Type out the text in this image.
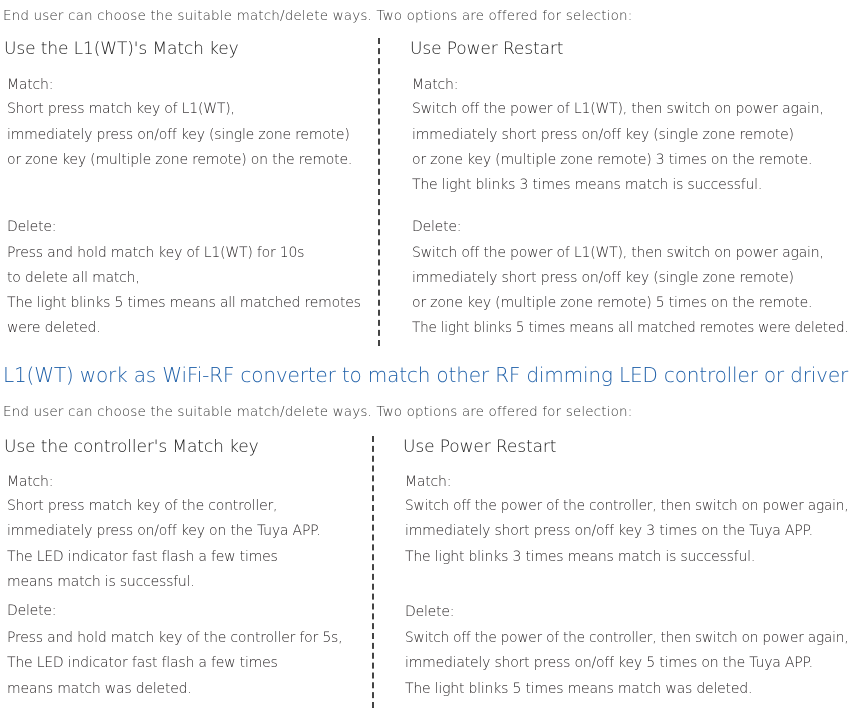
End user can choose the suitable match/delete ways. Two options are offered for selection:
Use the L1(WT)'s Match key
Match:
Short press match key of L1(WT),
immediately press on/off key (single zone remote)
or zone key (multiple zone remote) on the remote.
Delete:
Press and hold match key of L1(WT) for 10s
to delete all match,
The light blinks 5 times means all matched remotes
were deleted.
Use Power Restart
Match:
Switch off the power of L1(WT), then switch on power again,
immediately short press on/off key (single zone remote)
or zone key (multiple zone remote) 3 times on the remote.
The light blinks 3 times means match is successful.
Delete:
Switch off the power of L1(WT), then switch on power again,
immediately short press on/off key (single zone remote)
or zone key (multiple zone remote) 5 times on the remote.
The light blinks 5 times means all matched remotes were deleted.
L1(WT) work as WiFi-RF converter to match other RF dimming LED controller or driver
End user can choose the suitable match/delete ways. Two options are offered for selection:
Use the controller's Match key
Match:
Short press match key of the controller,
immediately press on/off key on the Tuya APP.
The LED indicator fast flash a few times
means match is successful.
Delete:
Press and hold match key of the controller for 5s,
The LED indicator fast flash a few times
means match was deleted.
Use Power Restart
Match:
Switch off the power of the controller, then switch on power again,
immediately short press on/off key 3 times on the Tuya APP.
The light blinks 3 times means match is successful.
Delete:
Switch off the power of the controller, then switch on power again,
immediately short press on/off key 5 times on the Tuya APP.
The light blinks 5 times means match was deleted.
